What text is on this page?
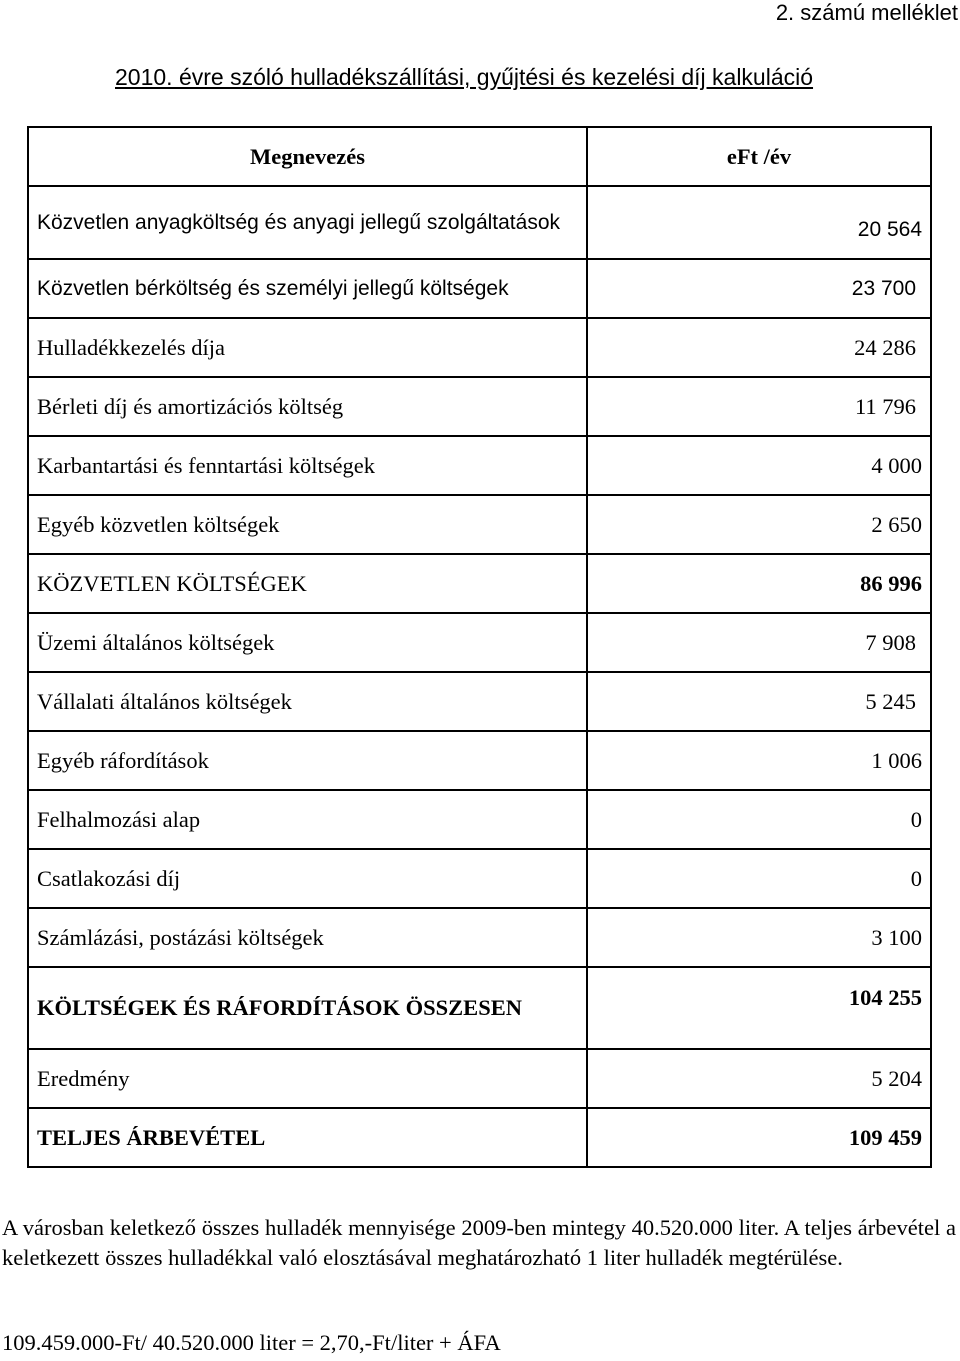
2. számú melléklet
2010. évre szóló hulladékszállítási, gyűjtési és kezelési díj kalkuláció
Megnevezés	eFt /év
Közvetlen anyagköltség és anyagi jellegű szolgáltatások	20 564
Közvetlen bérköltség és személyi jellegű költségek	23 700
Hulladékkezelés díja	24 286
Bérleti díj és amortizációs költség	11 796
Karbantartási és fenntartási költségek	4 000
Egyéb közvetlen költségek	2 650
KÖZVETLEN KÖLTSÉGEK	86 996
Üzemi általános költségek	7 908
Vállalati általános költségek	5 245
Egyéb ráfordítások	1 006
Felhalmozási alap	0
Csatlakozási díj	0
Számlázási, postázási költségek	3 100
KÖLTSÉGEK ÉS RÁFORDÍTÁSOK ÖSSZESEN	104 255
Eredmény	5 204
TELJES ÁRBEVÉTEL	109 459
A városban keletkező összes hulladék mennyisége 2009-ben mintegy 40.520.000 liter. A teljes árbevétel a keletkezett összes hulladékkal való elosztásával meghatározható 1 liter hulladék megtérülése.
109.459.000-Ft/ 40.520.000 liter = 2,70,-Ft/liter + ÁFA
